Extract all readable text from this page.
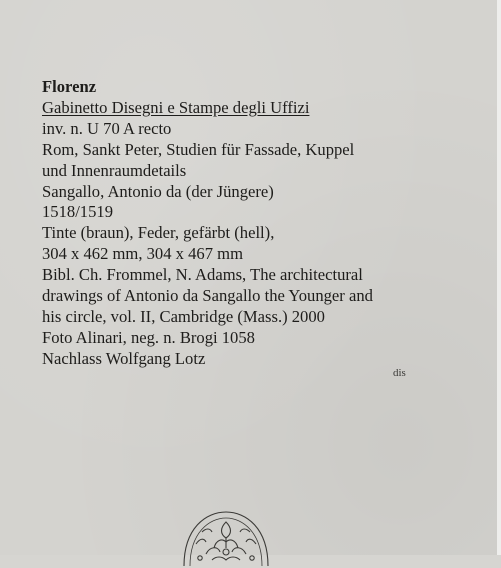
Florenz
Gabinetto Disegni e Stampe degli Uffizi
inv. n. U 70 A recto
Rom, Sankt Peter, Studien für Fassade, Kuppel
und Innenraumdetails
Sangallo, Antonio da (der Jüngere)
1518/1519
Tinte (braun), Feder, gefärbt (hell),
304 x 462 mm, 304 x 467 mm
Bibl. Ch. Frommel, N. Adams, The architectural
drawings of Antonio da Sangallo the Younger and
his circle, vol. II, Cambridge (Mass.) 2000
Foto Alinari, neg. n. Brogi 1058
Nachlass Wolfgang Lotz
dis
